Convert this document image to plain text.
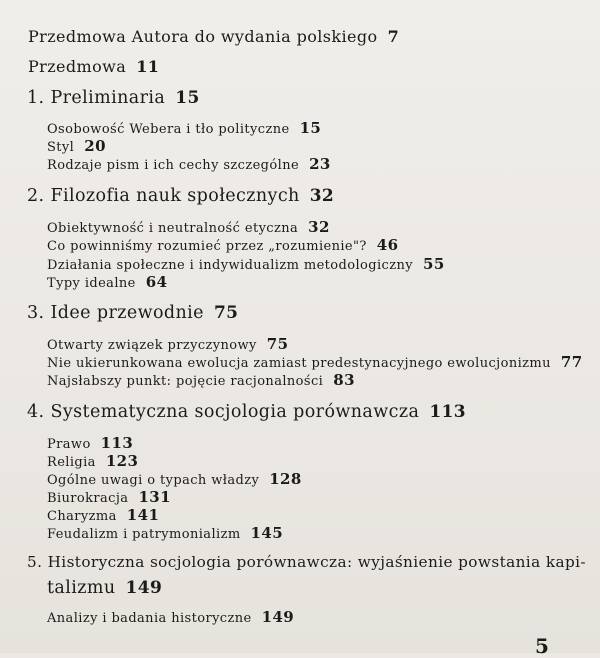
Przedmowa Autora do wydania polskiego 7
Przedmowa 11
1. Preliminaria 15
Osobowość Webera i tło polityczne 15
Styl 20
Rodzaje pism i ich cechy szczególne 23
2. Filozofia nauk społecznych 32
Obiektywność i neutralność etyczna 32
Co powinniśmy rozumieć przez „rozumienie"? 46
Działania społeczne i indywidualizm metodologiczny 55
Typy idealne 64
3. Idee przewodnie 75
Otwarty związek przyczynowy 75
Nie ukierunkowana ewolucja zamiast predestynacyjnego ewolucjonizmu 77
Najsłabszy punkt: pojęcie racjonalności 83
4. Systematyczna socjologia porównawcza 113
Prawo 113
Religia 123
Ogólne uwagi o typach władzy 128
Biurokracja 131
Charyzma 141
Feudalizm i patrymonializm 145
5. Historyczna socjologia porównawcza: wyjaśnienie powstania kapi-
talizmu 149
Analizy i badania historyczne 149
5
